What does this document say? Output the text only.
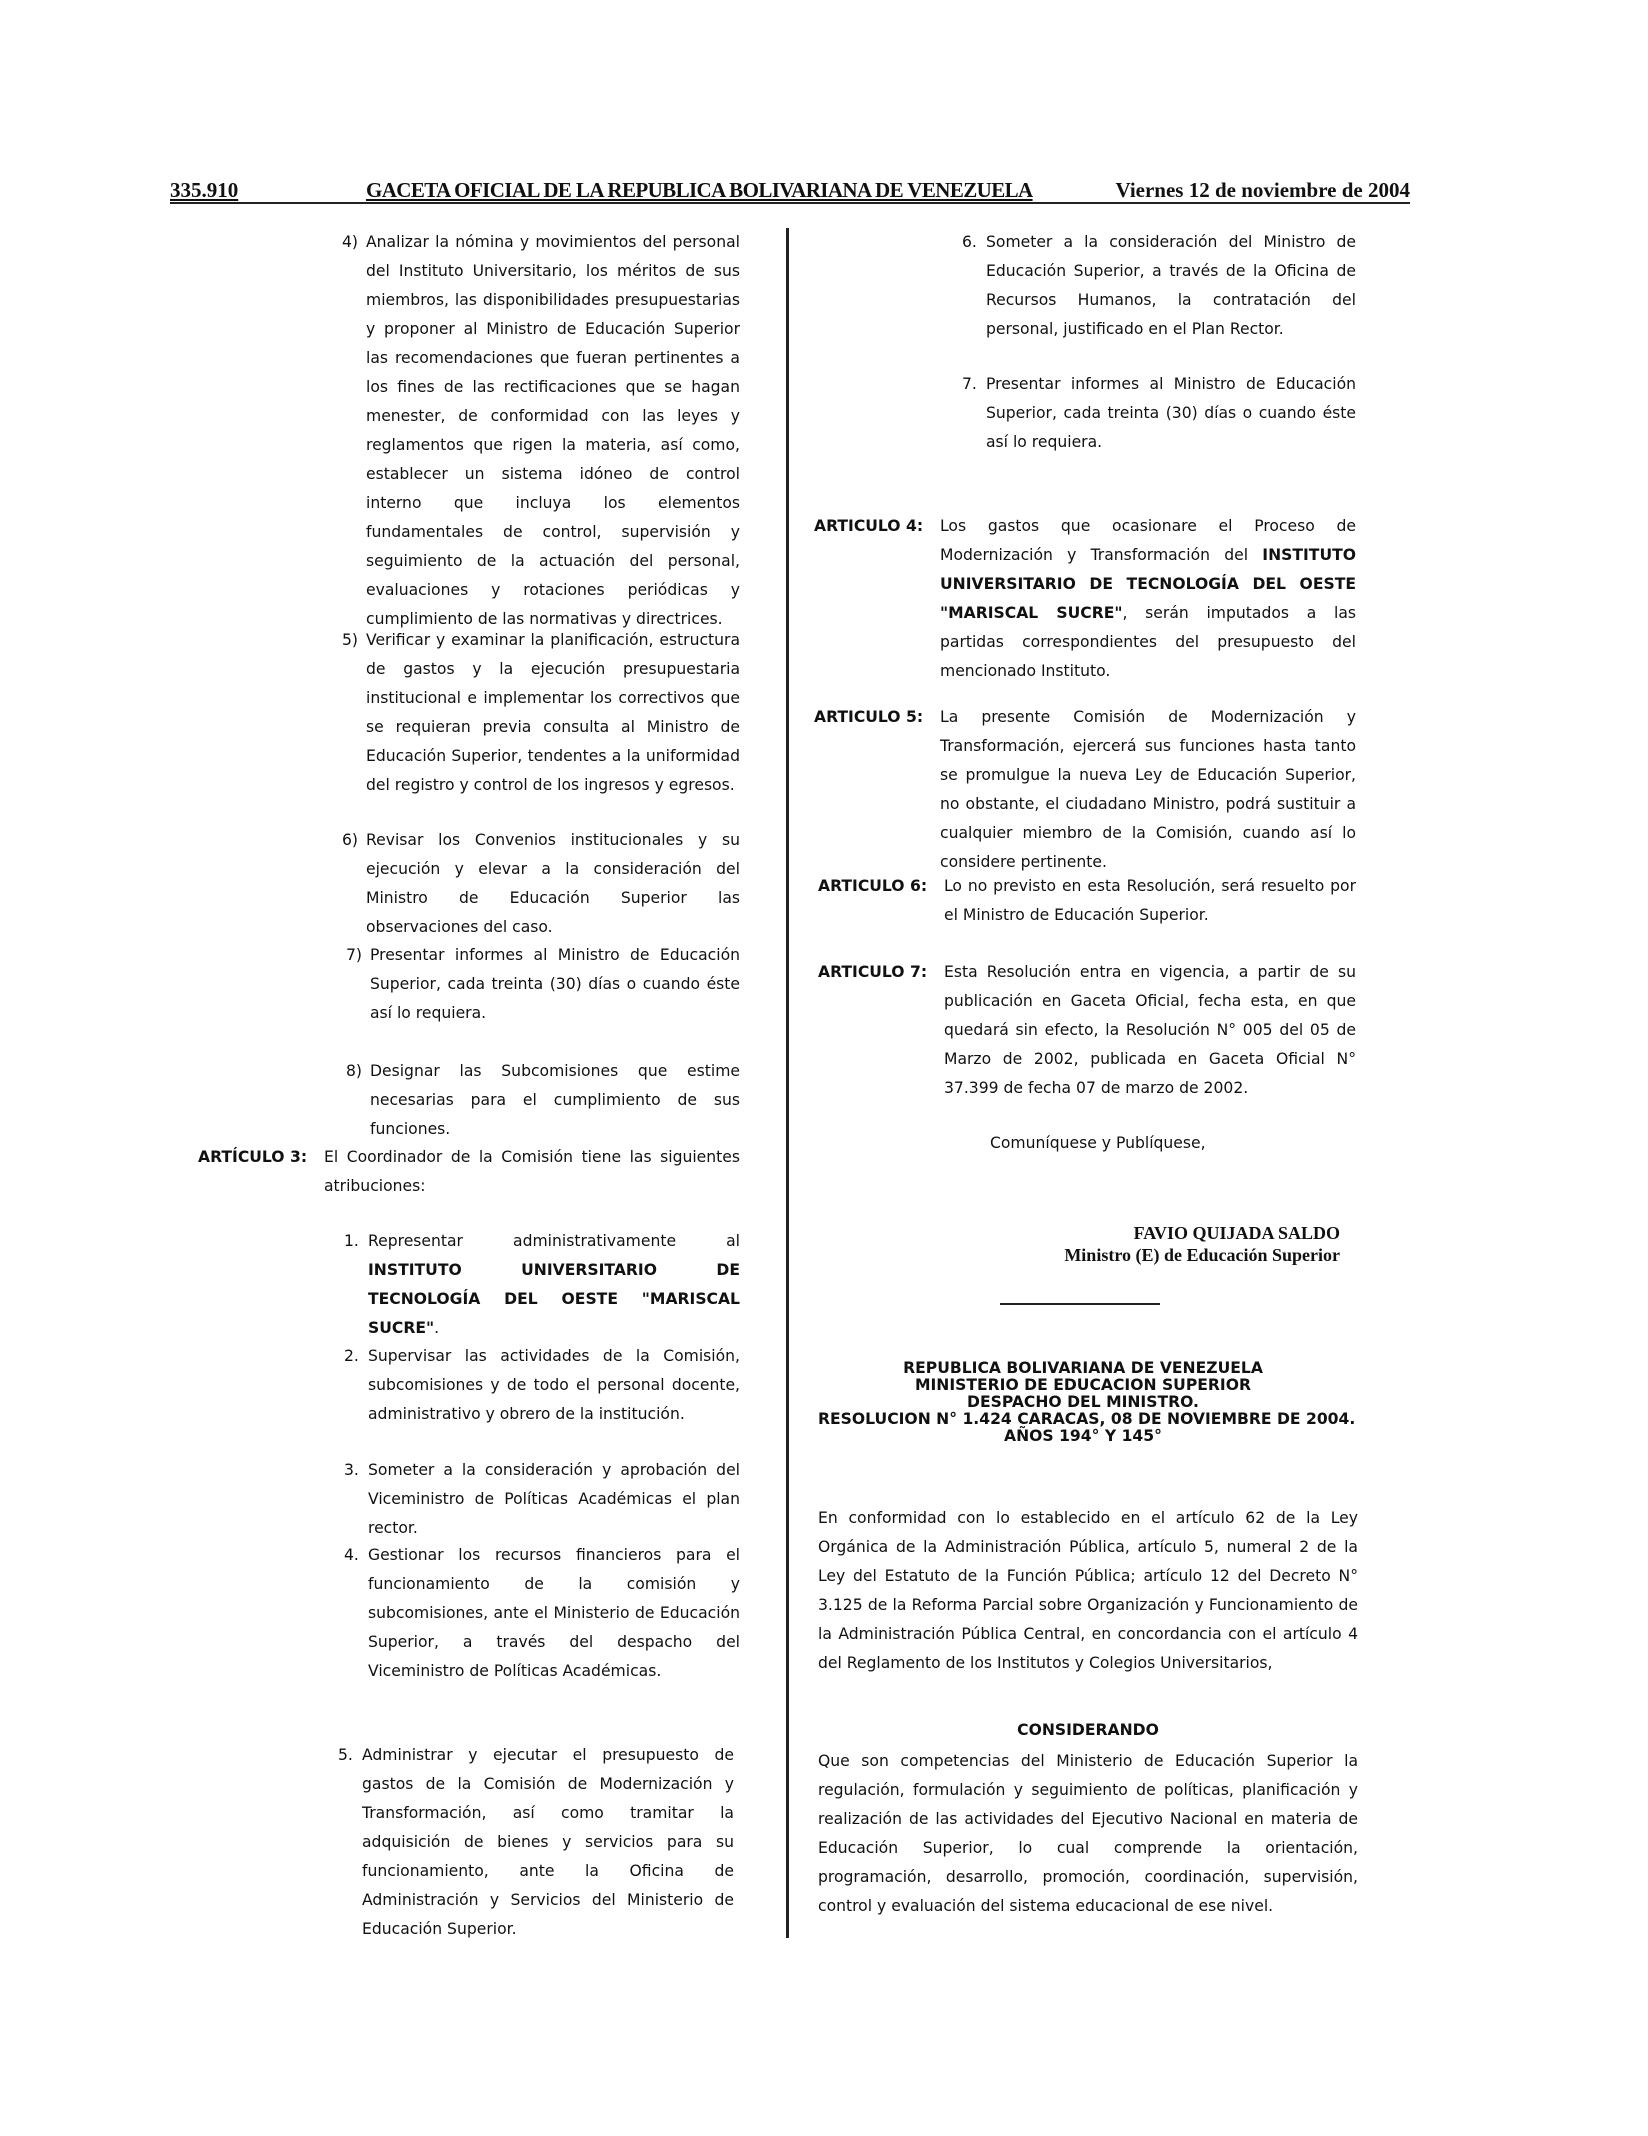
335.910	GACETA OFICIAL DE LA REPUBLICA BOLIVARIANA DE VENEZUELA	Viernes 12 de noviembre de 2004
4) Analizar la nómina y movimientos del personal del Instituto Universitario, los méritos de sus miembros, las disponibilidades presupuestarias y proponer al Ministro de Educación Superior las recomendaciones que fueran pertinentes a los fines de las rectificaciones que se hagan menester, de conformidad con las leyes y reglamentos que rigen la materia, así como, establecer un sistema idóneo de control interno que incluya los elementos fundamentales de control, supervisión y seguimiento de la actuación del personal, evaluaciones y rotaciones periódicas y cumplimiento de las normativas y directrices.

5) Verificar y examinar la planificación, estructura de gastos y la ejecución presupuestaria institucional e implementar los correctivos que se requieran previa consulta al Ministro de Educación Superior, tendentes a la uniformidad del registro y control de los ingresos y egresos.

6) Revisar los Convenios institucionales y su ejecución y elevar a la consideración del Ministro de Educación Superior las observaciones del caso.

7) Presentar informes al Ministro de Educación Superior, cada treinta (30) días o cuando éste así lo requiera.

8) Designar las Subcomisiones que estime necesarias para el cumplimiento de sus funciones.

ARTÍCULO 3: El Coordinador de la Comisión tiene las siguientes atribuciones:

1. Representar administrativamente al INSTITUTO UNIVERSITARIO DE TECNOLOGÍA DEL OESTE "MARISCAL SUCRE".

2. Supervisar las actividades de la Comisión, subcomisiones y de todo el personal docente, administrativo y obrero de la institución.

3. Someter a la consideración y aprobación del Viceministro de Políticas Académicas el plan rector.

4. Gestionar los recursos financieros para el funcionamiento de la comisión y subcomisiones, ante el Ministerio de Educación Superior, a través del despacho del Viceministro de Políticas Académicas.

5. Administrar y ejecutar el presupuesto de gastos de la Comisión de Modernización y Transformación, así como tramitar la adquisición de bienes y servicios para su funcionamiento, ante la Oficina de Administración y Servicios del Ministerio de Educación Superior.

6. Someter a la consideración del Ministro de Educación Superior, a través de la Oficina de Recursos Humanos, la contratación del personal, justificado en el Plan Rector.

7. Presentar informes al Ministro de Educación Superior, cada treinta (30) días o cuando éste así lo requiera.

ARTICULO 4: Los gastos que ocasionare el Proceso de Modernización y Transformación del INSTITUTO UNIVERSITARIO DE TECNOLOGÍA DEL OESTE "MARISCAL SUCRE", serán imputados a las partidas correspondientes del presupuesto del mencionado Instituto.

ARTICULO 5: La presente Comisión de Modernización y Transformación, ejercerá sus funciones hasta tanto se promulgue la nueva Ley de Educación Superior, no obstante, el ciudadano Ministro, podrá sustituir a cualquier miembro de la Comisión, cuando así lo considere pertinente.

ARTICULO 6: Lo no previsto en esta Resolución, será resuelto por el Ministro de Educación Superior.

ARTICULO 7: Esta Resolución entra en vigencia, a partir de su publicación en Gaceta Oficial, fecha esta, en que quedará sin efecto, la Resolución N° 005 del 05 de Marzo de 2002, publicada en Gaceta Oficial N° 37.399 de fecha 07 de marzo de 2002.

Comuníquese y Publíquese,
FAVIO QUIJADA SALDO
Ministro (E) de Educación Superior
REPUBLICA BOLIVARIANA DE VENEZUELA
MINISTERIO DE EDUCACION SUPERIOR
DESPACHO DEL MINISTRO.
RESOLUCION N° 1.424 CARACAS, 08 DE NOVIEMBRE DE 2004.
AÑOS 194° Y 145°

En conformidad con lo establecido en el artículo 62 de la Ley Orgánica de la Administración Pública, artículo 5, numeral 2 de la Ley del Estatuto de la Función Pública; artículo 12 del Decreto N° 3.125 de la Reforma Parcial sobre Organización y Funcionamiento de la Administración Pública Central, en concordancia con el artículo 4 del Reglamento de los Institutos y Colegios Universitarios,

CONSIDERANDO

Que son competencias del Ministerio de Educación Superior la regulación, formulación y seguimiento de políticas, planificación y realización de las actividades del Ejecutivo Nacional en materia de Educación Superior, lo cual comprende la orientación, programación, desarrollo, promoción, coordinación, supervisión, control y evaluación del sistema educacional de ese nivel.
